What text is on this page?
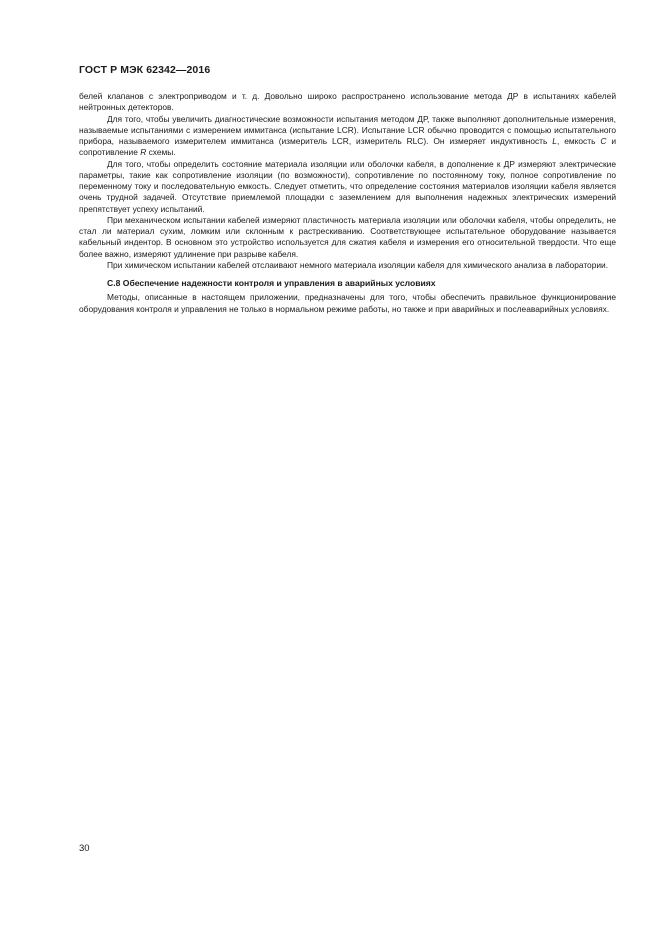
ГОСТ Р МЭК 62342—2016

белей клапанов с электроприводом и т. д. Довольно широко распространено использование метода ДР в испытаниях кабелей нейтронных детекторов.

Для того, чтобы увеличить диагностические возможности испытания методом ДР, также выполняют дополнительные измерения, называемые испытаниями с измерением иммитанса (испытание LCR). Испытание LCR обычно проводится с помощью испытательного прибора, называемого измерителем иммитанса (измеритель LCR, измеритель RLC). Он измеряет индуктивность L, емкость C и сопротивление R схемы.

Для того, чтобы определить состояние материала изоляции или оболочки кабеля, в дополнение к ДР измеряют электрические параметры, такие как сопротивление изоляции (по возможности), сопротивление по постоянному току, полное сопротивление по переменному току и последовательную емкость. Следует отметить, что определение состояния материалов изоляции кабеля является очень трудной задачей. Отсутствие приемлемой площадки с заземлением для выполнения надежных электрических измерений препятствует успеху испытаний.

При механическом испытании кабелей измеряют пластичность материала изоляции или оболочки кабеля, чтобы определить, не стал ли материал сухим, ломким или склонным к растрескиванию. Соответствующее испытательное оборудование называется кабельный индентор. В основном это устройство используется для сжатия кабеля и измерения его относительной твердости. Что еще более важно, измеряют удлинение при разрыве кабеля.

При химическом испытании кабелей отслаивают немного материала изоляции кабеля для химического анализа в лаборатории.

С.8 Обеспечение надежности контроля и управления в аварийных условиях

Методы, описанные в настоящем приложении, предназначены для того, чтобы обеспечить правильное функционирование оборудования контроля и управления не только в нормальном режиме работы, но также и при аварийных и послеаварийных условиях.

30
